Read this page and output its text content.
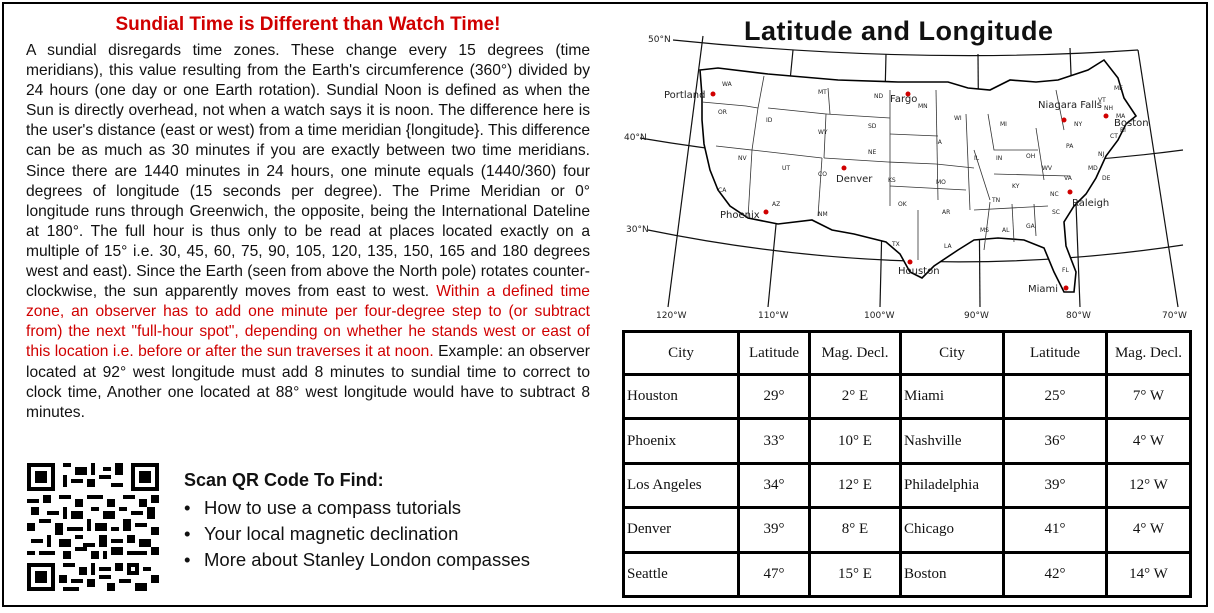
Sundial Time is Different than Watch Time!

A sundial disregards time zones. These change every 15 degrees (time meridians), this value resulting from the Earth's circumference (360°) divided by 24 hours (one day or one Earth rotation). Sundial Noon is defined as when the Sun is directly overhead, not when a watch says it is noon. The difference here is the user's distance (east or west) from a time meridian {longitude}. This difference can be as much as 30 minutes if you are exactly between two time meridians. Since there are 1440 minutes in 24 hours, one minute equals (1440/360) four degrees of longitude (15 seconds per degree). The Prime Meridian or 0° longitude runs through Greenwich, the opposite, being the International Dateline at 180°. The full hour is thus only to be read at places located exactly on a multiple of 15° i.e. 30, 45, 60, 75, 90, 105, 120, 135, 150, 165 and 180 degrees west and east). Since the Earth (seen from above the North pole) rotates counter-clockwise, the sun apparently moves from east to west. Within a defined time zone, an observer has to add one minute per four-degree step to (or subtract from) the next "full-hour spot", depending on whether he stands west or east of this location i.e. before or after the sun traverses it at noon. Example: an observer located at 92° west longitude must add 8 minutes to sundial time to correct to clock time, Another one located at 88° west longitude would have to subtract 8 minutes.

Scan QR Code To Find:
• How to use a compass tutorials
• Your local magnetic declination
• More about Stanley London compasses
Latitude and Longitude
WA
OR
ID
MT
ND
MN
WI
MI	NY
VT
NH
ME
MA
RI
CT
NJ
PA
OH
IN
IL
IA
SD
WY
NE
UT
CO
KS	MO
KY
WV
VA
MD
DE
NV
CA
AZ
NM
OK
AR
TN
NC
SC
GA
AL
MS
LA
TX
FL
Portland	Fargo
Niagara Falls
Boston
Denver
Phoenix
Raleigh
Houston
Miami
50°N
40°N
30°N
120°W	110°W	100°W	90°W	80°W	70°W
City	Latitude	Mag. Decl.	City	Latitude	Mag. Decl.
Houston	29°	2° E	Miami	25°	7° W
Phoenix	33°	10° E	Nashville	36°	4° W
Los Angeles	34°	12° E	Philadelphia	39°	12° W
Denver	39°	8° E	Chicago	41°	4° W
Seattle	47°	15° E	Boston	42°	14° W
